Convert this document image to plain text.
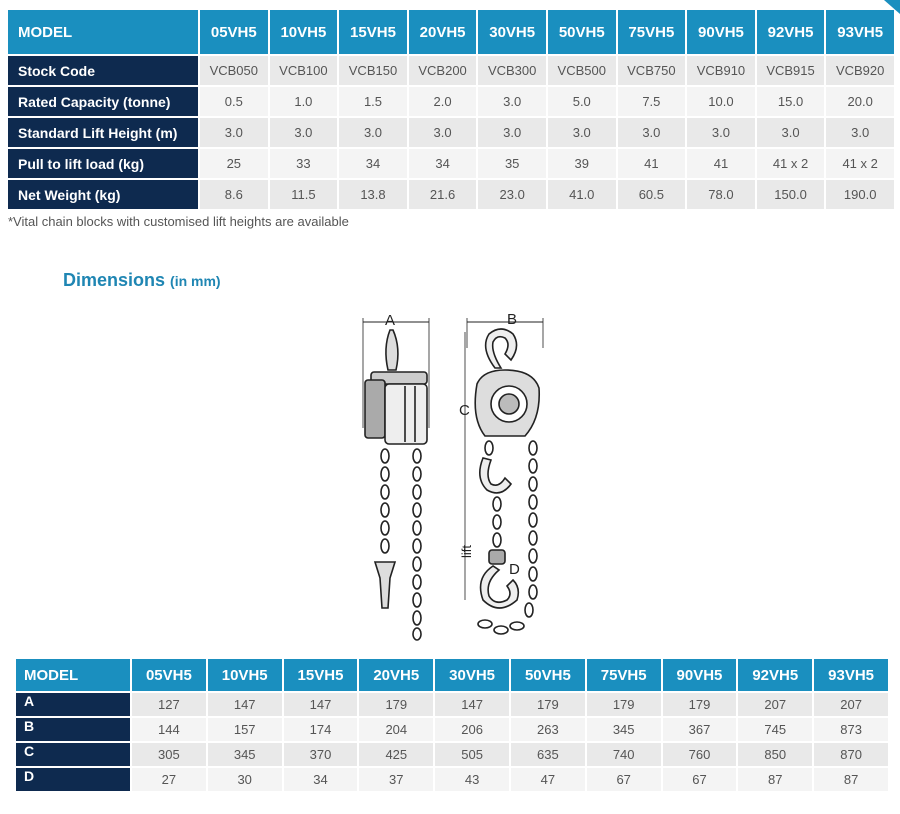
MODEL	05VH5	10VH5	15VH5	20VH5	30VH5	50VH5	75VH5	90VH5	92VH5	93VH5
Stock Code	VCB050	VCB100	VCB150	VCB200	VCB300	VCB500	VCB750	VCB910	VCB915	VCB920
Rated Capacity (tonne)	0.5	1.0	1.5	2.0	3.0	5.0	7.5	10.0	15.0	20.0
Standard Lift Height (m)	3.0	3.0	3.0	3.0	3.0	3.0	3.0	3.0	3.0	3.0
Pull to lift load (kg)	25	33	34	34	35	39	41	41	41 x 2	41 x 2
Net Weight (kg)	8.6	11.5	13.8	21.6	23.0	41.0	60.5	78.0	150.0	190.0
*Vital chain blocks with customised lift heights are available
Dimensions (in mm)
A	B
C
D
lift
MODEL	05VH5	10VH5	15VH5	20VH5	30VH5	50VH5	75VH5	90VH5	92VH5	93VH5
A	127	147	147	179	147	179	179	179	207	207
B	144	157	174	204	206	263	345	367	745	873
C	305	345	370	425	505	635	740	760	850	870
D	27	30	34	37	43	47	67	67	87	87
